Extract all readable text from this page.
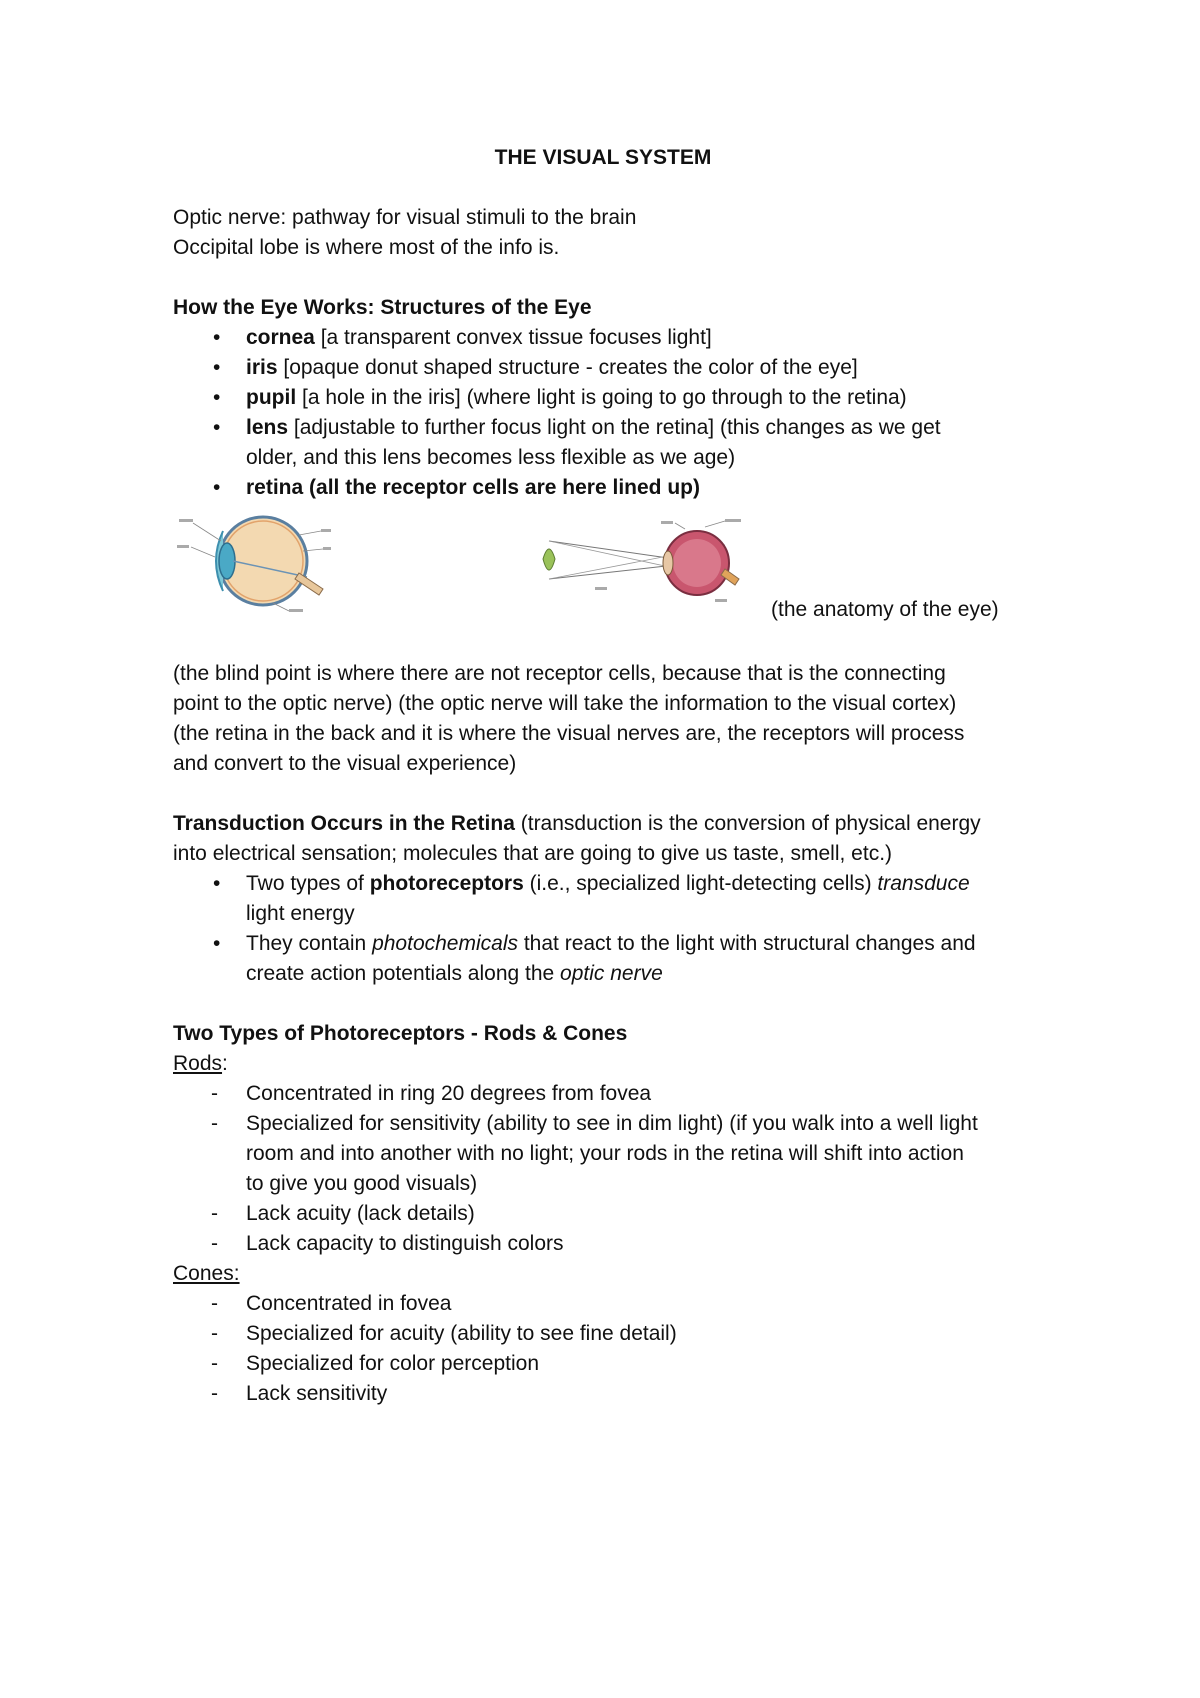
THE VISUAL SYSTEM

Optic nerve: pathway for visual stimuli to the brain

Occipital lobe is where most of the info is.

How the Eye Works: Structures of the Eye

• cornea [a transparent convex tissue focuses light]
• iris [opaque donut shaped structure - creates the color of the eye]
• pupil [a hole in the iris] (where light is going to go through to the retina)
• lens [adjustable to further focus light on the retina] (this changes as we get
older, and this lens becomes less flexible as we age)
• retina (all the receptor cells are here lined up)
(the anatomy of the eye)

(the blind point is where there are not receptor cells, because that is the connecting

point to the optic nerve) (the optic nerve will take the information to the visual cortex)

(the retina in the back and it is where the visual nerves are, the receptors will process

and convert to the visual experience)

Transduction Occurs in the Retina (transduction is the conversion of physical energy

into electrical sensation; molecules that are going to give us taste, smell, etc.)

• Two types of photoreceptors (i.e., specialized light-detecting cells) transduce
light energy
• They contain photochemicals that react to the light with structural changes and
create action potentials along the optic nerve

Two Types of Photoreceptors - Rods & Cones

Rods:

- Concentrated in ring 20 degrees from fovea
- Specialized for sensitivity (ability to see in dim light) (if you walk into a well light
room and into another with no light; your rods in the retina will shift into action
to give you good visuals)
- Lack acuity (lack details)
- Lack capacity to distinguish colors

Cones:

- Concentrated in fovea
- Specialized for acuity (ability to see fine detail)
- Specialized for color perception
- Lack sensitivity
